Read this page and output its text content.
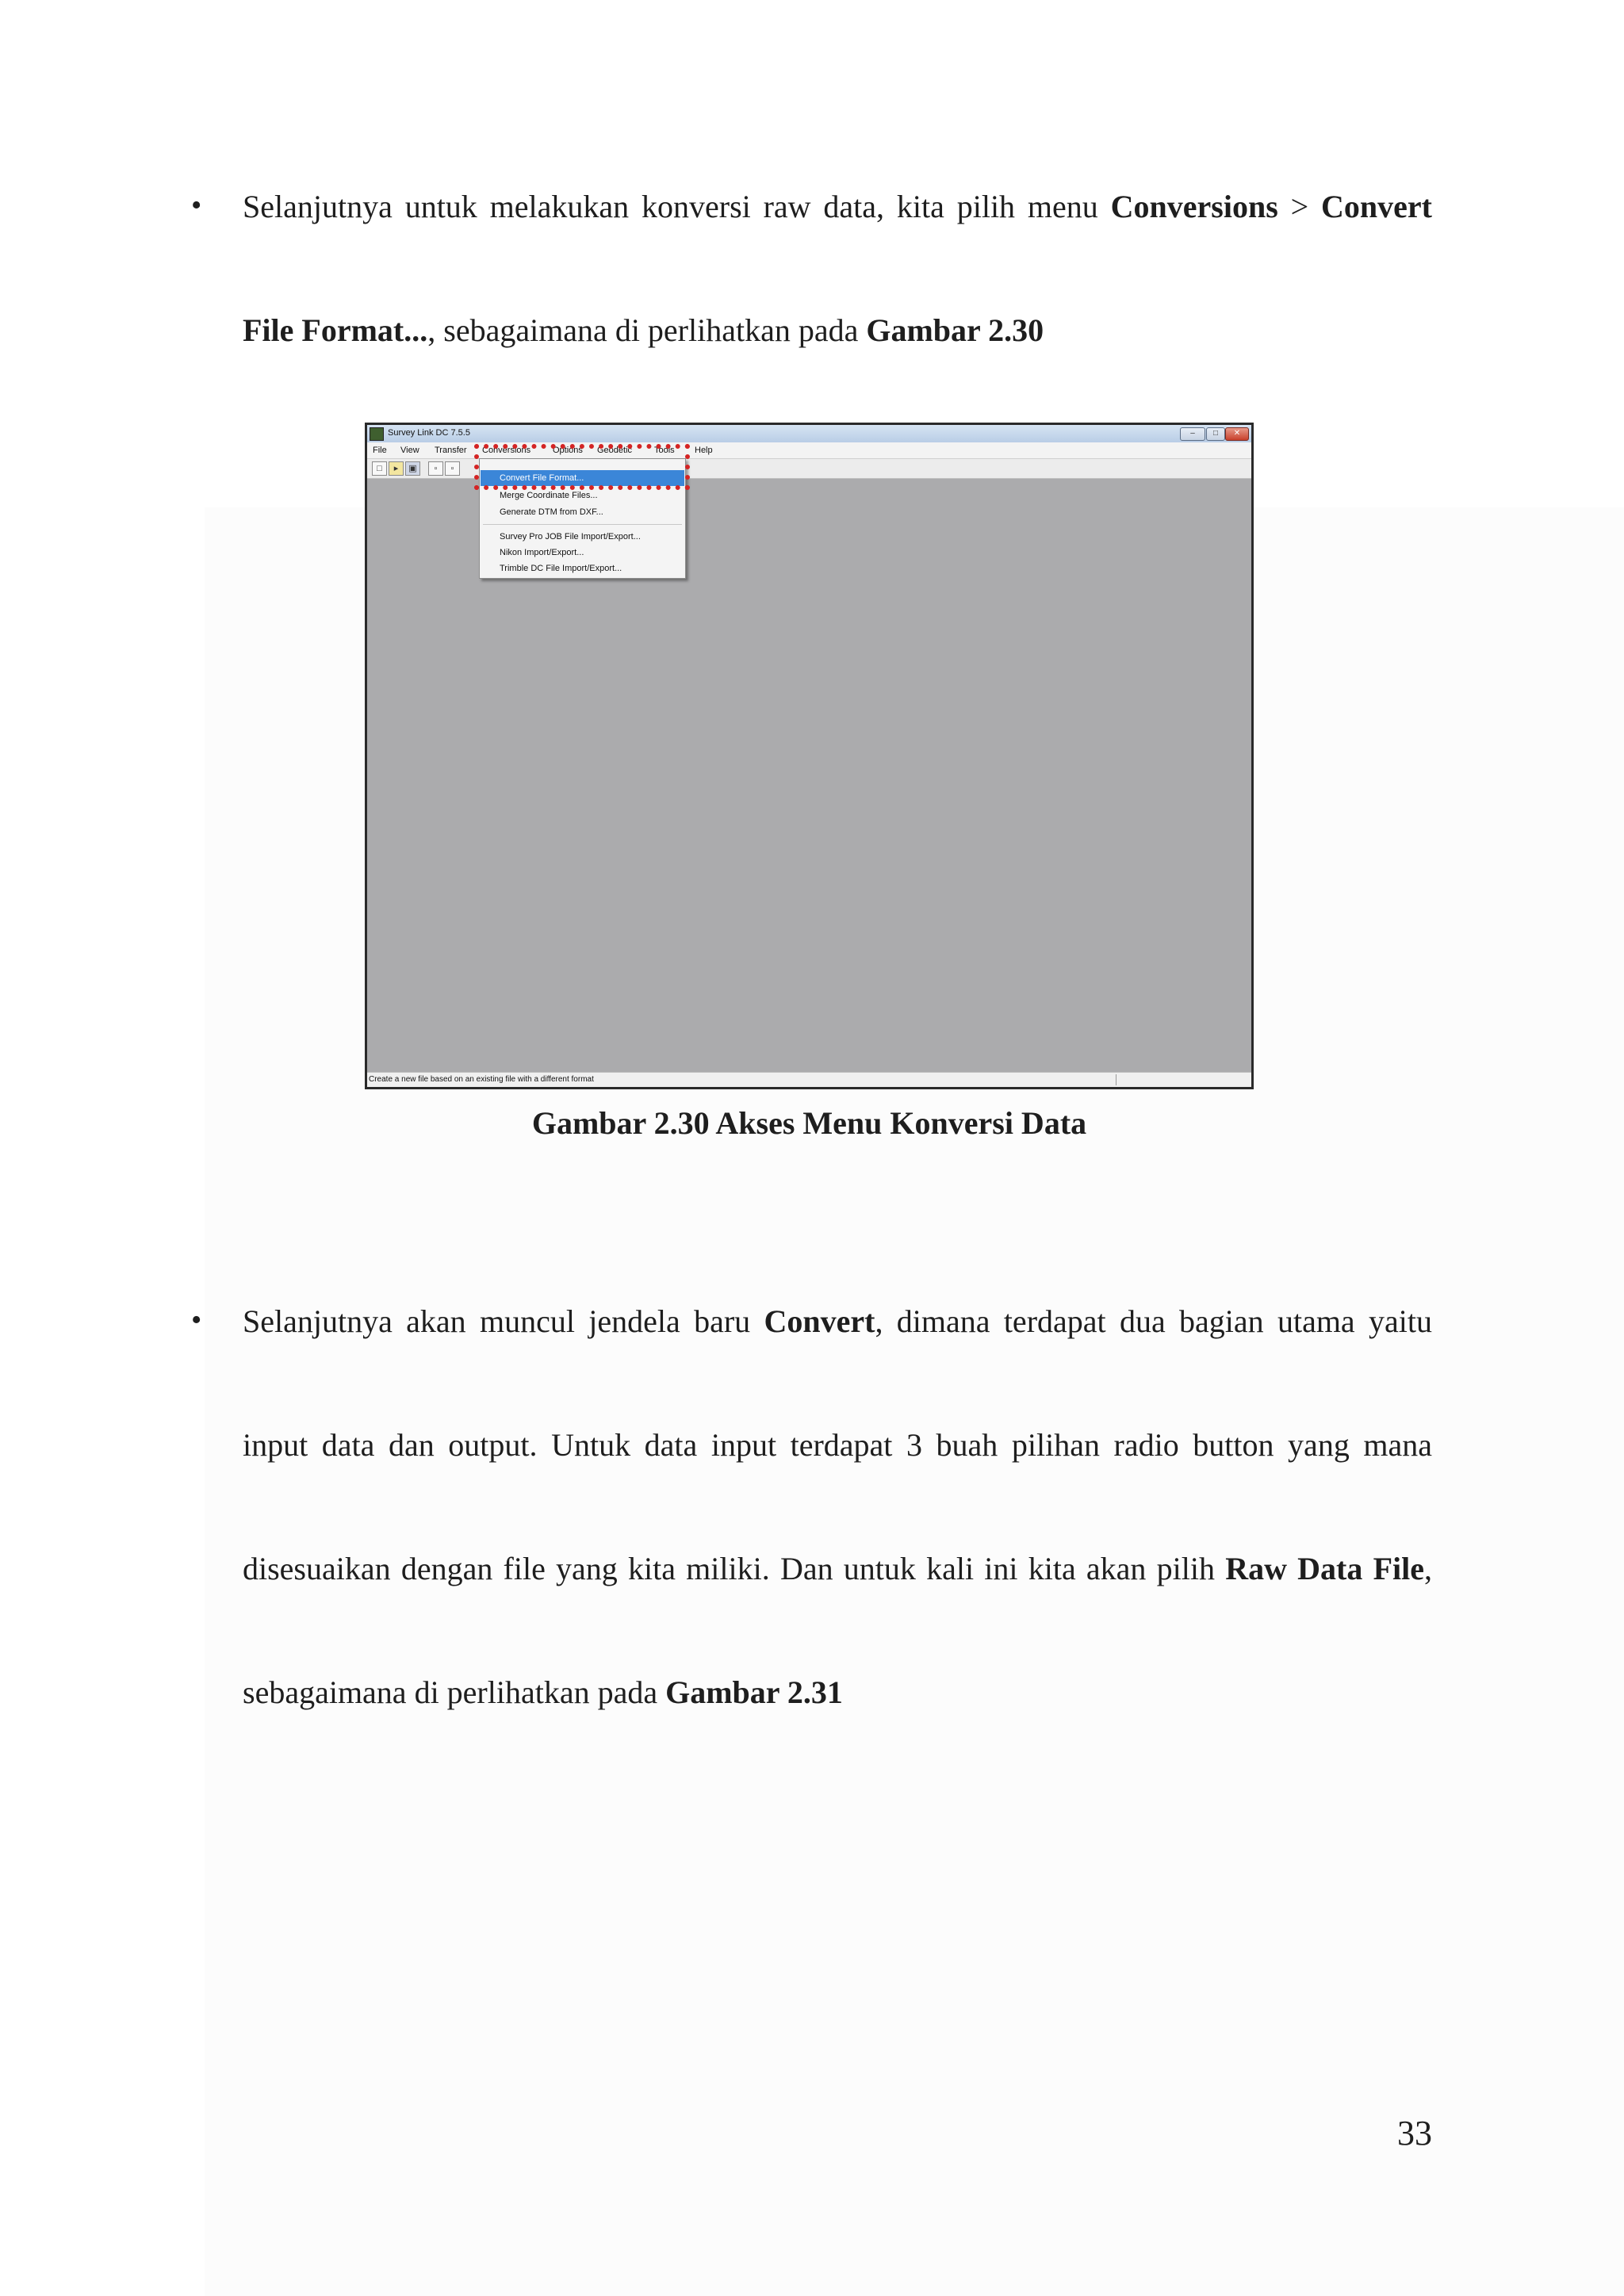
• Selanjutnya untuk melakukan konversi raw data, kita pilih menu Conversions > Convert
File Format..., sebagaimana di perlihatkan pada Gambar 2.30
Survey Link DC 7.5.5	–	□	✕
File View Transfer Conversions	Options Geodetic	Tools Help
□	▸	▣	▫	▫
Convert File Format...
Merge Coordinate Files...
Generate DTM from DXF...
Survey Pro JOB File Import/Export...
Nikon Import/Export...
Trimble DC File Import/Export...
Create a new file based on an existing file with a different format
Gambar 2.30 Akses Menu Konversi Data
• Selanjutnya akan muncul jendela baru Convert, dimana terdapat dua bagian utama yaitu
input data dan output. Untuk data input terdapat 3 buah pilihan radio button yang mana
disesuaikan dengan file yang kita miliki. Dan untuk kali ini kita akan pilih Raw Data File,
sebagaimana di perlihatkan pada Gambar 2.31
33
